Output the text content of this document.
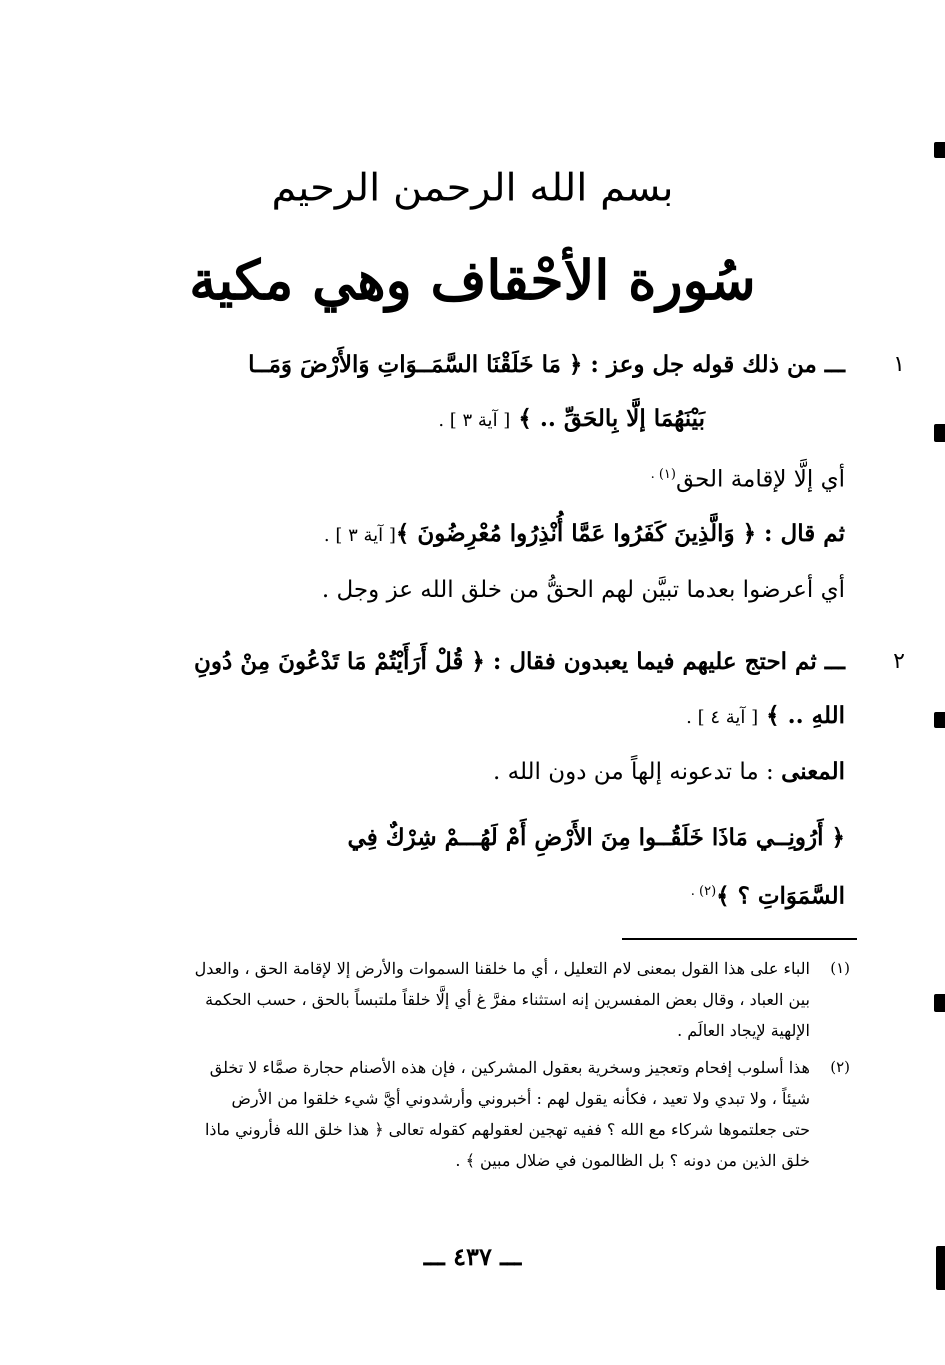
بسم الله الرحمن الرحيم
سُورة الأحْقاف وهي مكية
١
ـــ من ذلك قوله جل وعز : ﴿ مَا خَلَقْنَا السَّمَــوَاتِ وَالأَرْضَ وَمَــا
بَيْنَهُمَا إلَّا بِالحَقِّ .. ﴾ [ آية ٣ ] .
أي إلَّا لإقامة الحق$^{(١) .}$
ثم قال : ﴿ وَالَّذِينَ كَفَرُوا عَمَّا أُنْذِرُوا مُعْرِضُونَ ﴾[ آية ٣ ] .
أي أعرضوا بعدما تبيَّن لهم الحقُّ من خلق الله عز وجل .
٢
ـــ ثم احتج عليهم فيما يعبدون فقال : ﴿ قُلْ أَرَأَيْتُمْ مَا تَدْعُونَ مِنْ دُونِ
اللهِ .. ﴾ [ آية ٤ ] .
المعنى : ما تدعونه إلهاً من دون الله .
﴿ أَرُونِــي مَاذَا خَلَقُــوا مِنَ الأَرْضِ أَمْ لَهُـــمْ شِرْكٌ فِي
السَّمَوَاتِ ؟ ﴾$^{(٢) .}$
(١)
الباء على هذا القول بمعنى لام التعليل ، أي ما خلقنا السموات والأرض إلا لإقامة الحق ، والعدل
بين العباد ، وقال بعض المفسرين إنه استثناء مفرَّ غ أي إلَّا خلقاً ملتبساً بالحق ، حسب الحكمة
الإلهية لإيجاد العالَم .
(٢)
هذا أسلوب إفحام وتعجيز وسخرية بعقول المشركين ، فإن هذه الأصنام حجارة صمَّاء لا تخلق
شيئاً ، ولا تبدي ولا تعيد ، فكأنه يقول لهم : أخبروني وأرشدوني أيَّ شيء خلقوا من الأرض
حتى جعلتموها شركاء مع الله ؟ ففيه تهجين لعقولهم كقوله تعالى ﴿ هذا خلق الله فأروني ماذا
خلق الذين من دونه ؟ بل الظالمون في ضلال مبين ﴾ .
ـــ ٤٣٧ ـــ
